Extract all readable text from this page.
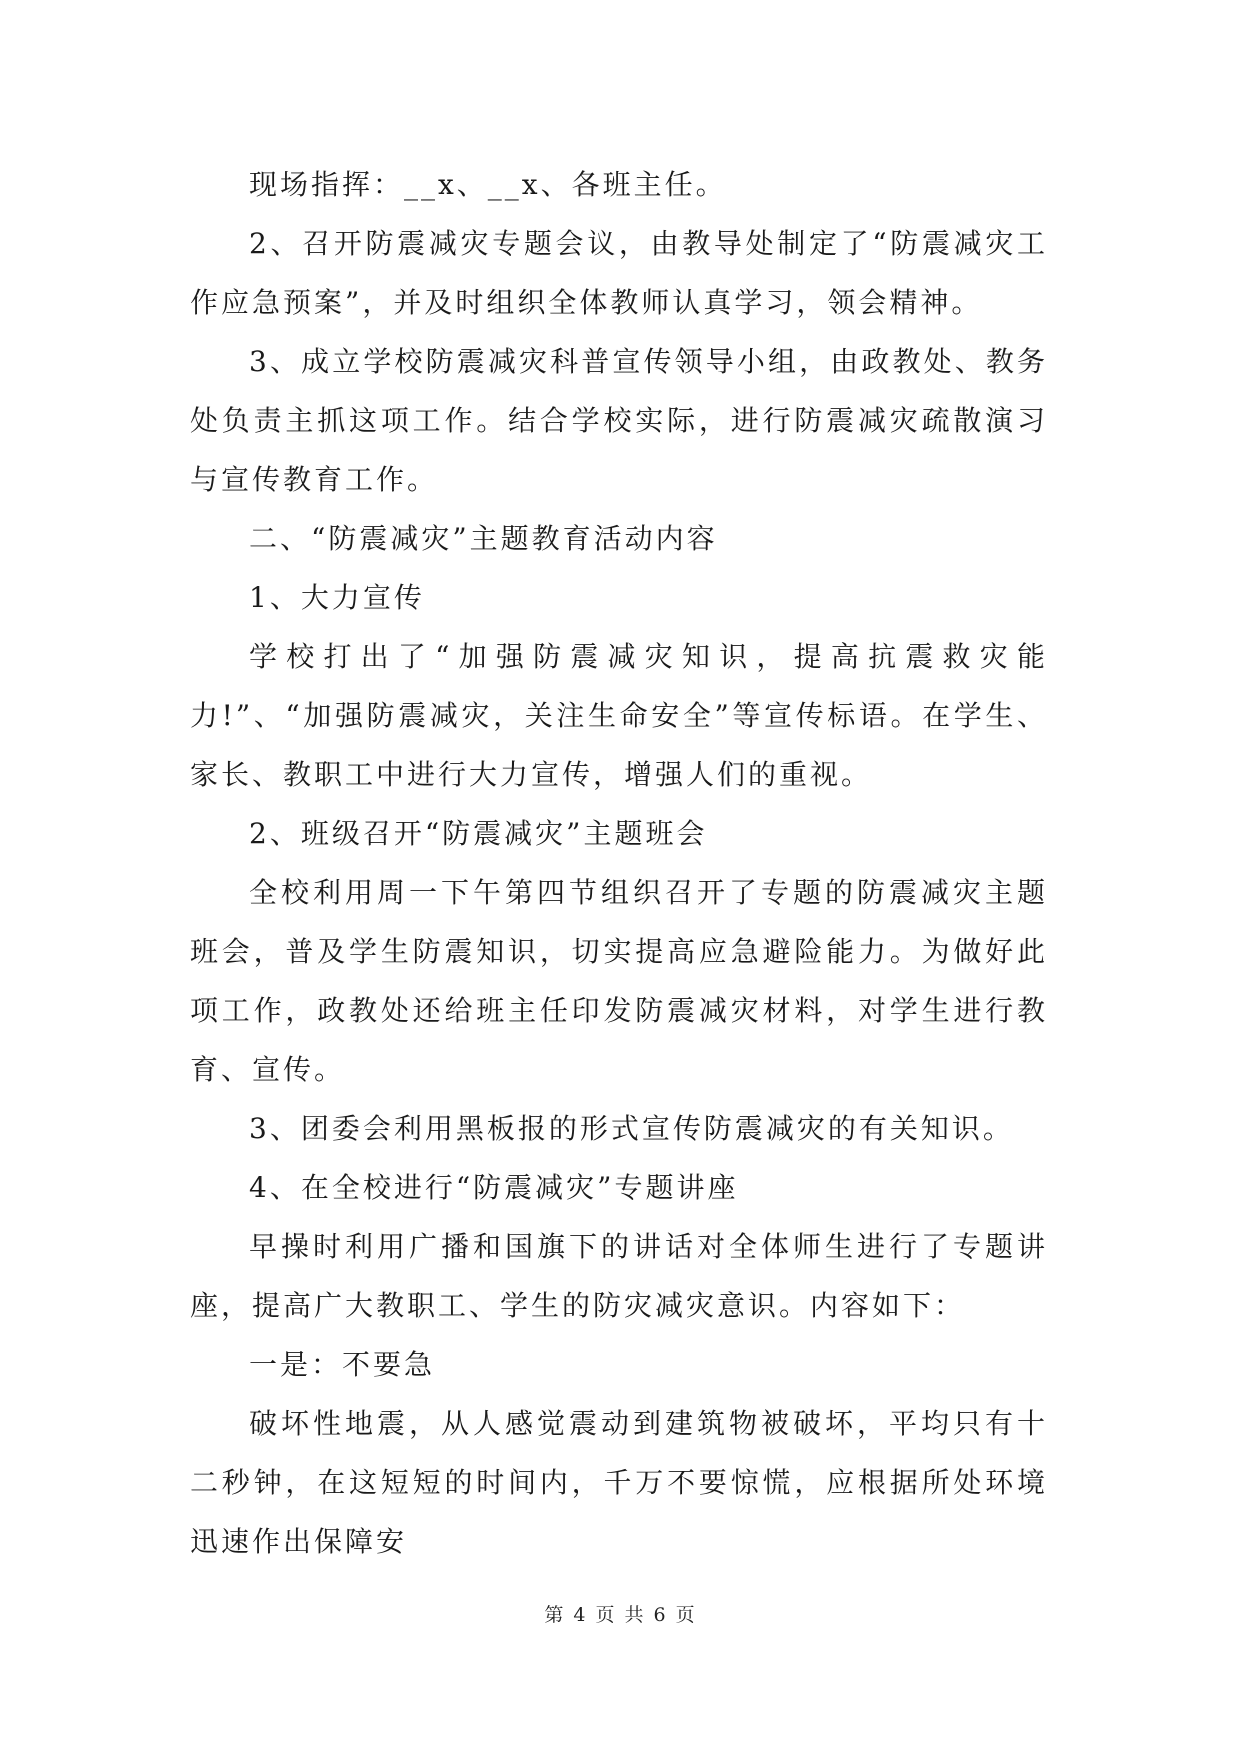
现场指挥：__x、__x、各班主任。

2、召开防震减灾专题会议，由教导处制定了“防震减灾工作应急预案”，并及时组织全体教师认真学习，领会精神。

3、成立学校防震减灾科普宣传领导小组，由政教处、教务处负责主抓这项工作。结合学校实际，进行防震减灾疏散演习与宣传教育工作。

二、“防震减灾”主题教育活动内容

1、大力宣传

学校打出了“加强防震减灾知识，提高抗震救灾能力!”、“加强防震减灾，关注生命安全”等宣传标语。在学生、家长、教职工中进行大力宣传，增强人们的重视。

2、班级召开“防震减灾”主题班会

全校利用周一下午第四节组织召开了专题的防震减灾主题班会，普及学生防震知识，切实提高应急避险能力。为做好此项工作，政教处还给班主任印发防震减灾材料，对学生进行教育、宣传。

3、团委会利用黑板报的形式宣传防震减灾的有关知识。

4、在全校进行“防震减灾”专题讲座

早操时利用广播和国旗下的讲话对全体师生进行了专题讲座，提高广大教职工、学生的防灾减灾意识。内容如下：

一是：不要急

破坏性地震，从人感觉震动到建筑物被破坏，平均只有十二秒钟，在这短短的时间内，千万不要惊慌，应根据所处环境迅速作出保障安

第 4 页 共 6 页
